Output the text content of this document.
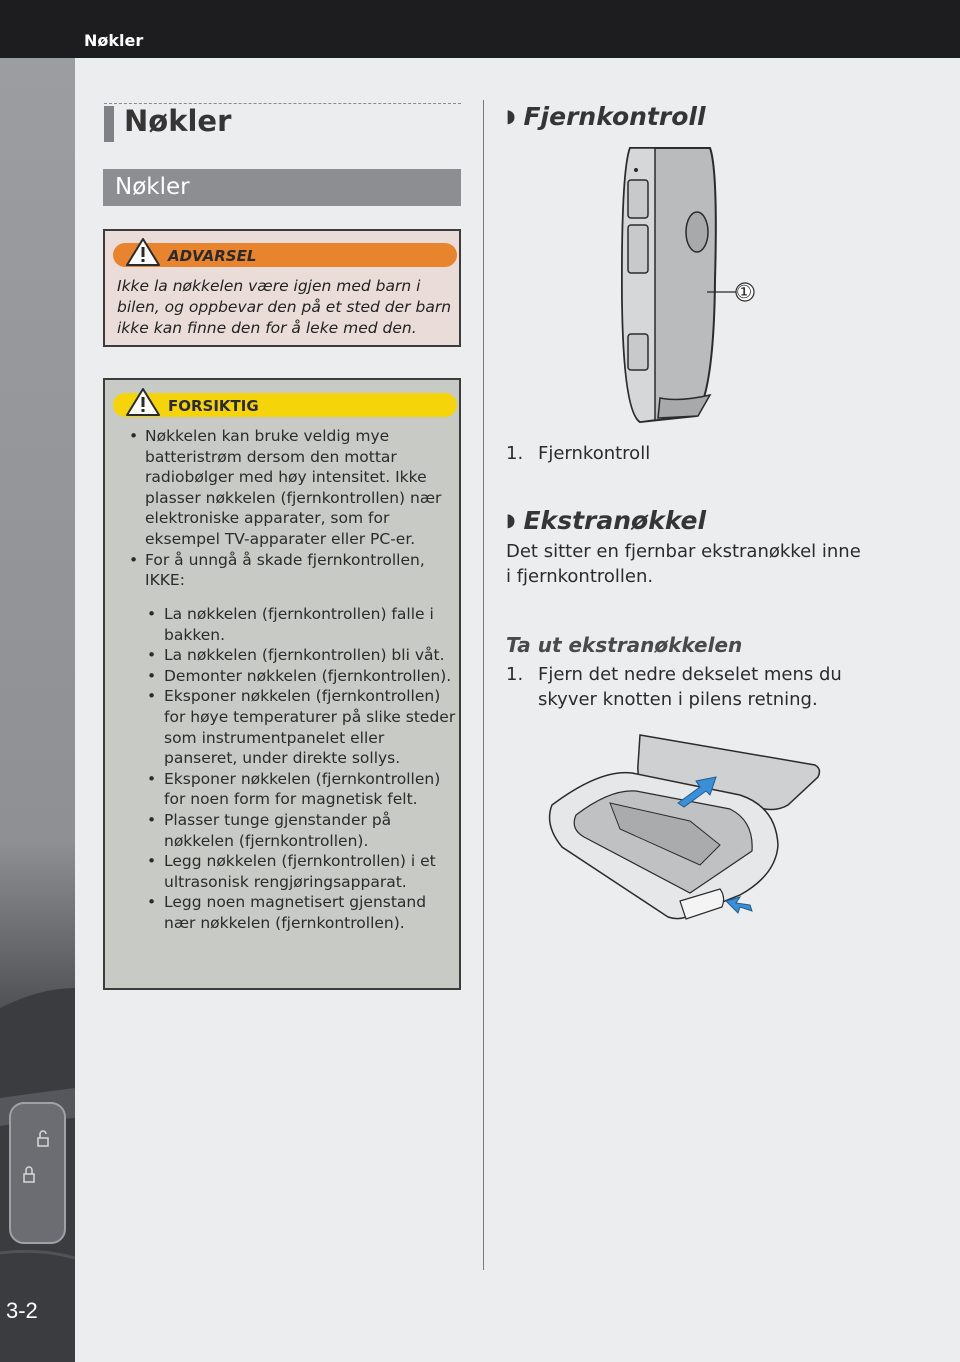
Nøkler
3-2
Nøkler
Nøkler
ADVARSEL
Ikke la nøkkelen være igjen med barn i bilen, og oppbevar den på et sted der barn ikke kan finne den for å leke med den.
FORSIKTIG
• Nøkkelen kan bruke veldig mye batteristrøm dersom den mottar radiobølger med høy intensitet. Ikke plasser nøkkelen (fjernkontrollen) nær elektroniske apparater, som for eksempel TV-apparater eller PC-er.
• For å unngå å skade fjernkontrollen, IKKE:
• La nøkkelen (fjernkontrollen) falle i bakken.
• La nøkkelen (fjernkontrollen) bli våt.
• Demonter nøkkelen (fjernkontrollen).
• Eksponer nøkkelen (fjernkontrollen) for høye temperaturer på slike steder som instrumentpanelet eller panseret, under direkte sollys.
• Eksponer nøkkelen (fjernkontrollen) for noen form for magnetisk felt.
• Plasser tunge gjenstander på nøkkelen (fjernkontrollen).
• Legg nøkkelen (fjernkontrollen) i et ultrasonisk rengjøringsapparat.
• Legg noen magnetisert gjenstand nær nøkkelen (fjernkontrollen).
◗ Fjernkontroll
①
1. Fjernkontroll
◗ Ekstranøkkel
Det sitter en fjernbar ekstranøkkel inne i fjernkontrollen.
Ta ut ekstranøkkelen
1. Fjern det nedre dekselet mens du skyver knotten i pilens retning.
